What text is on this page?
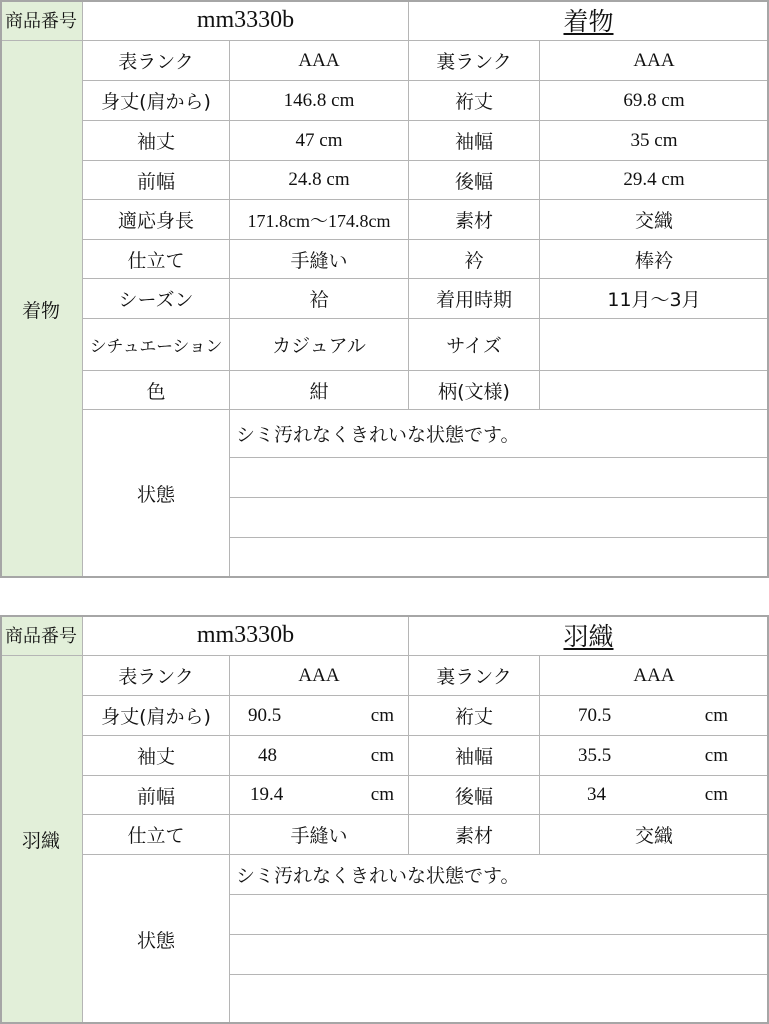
商品番号	mm3330b	着物
着物
表ランク	AAA	裏ランク	AAA
身丈(肩から)	146.8 cm	裄丈	69.8 cm
袖丈	47 cm	袖幅	35 cm
前幅	24.8 cm	後幅	29.4 cm
適応身長	171.8cm～174.8cm	素材	交織
仕立て	手縫い	衿	棒衿
シーズン	袷	着用時期	11月～3月
シチュエーション	カジュアル	サイズ
色	紺	柄(文様)
状態
シミ汚れなくきれいな状態です。
商品番号	mm3330b	羽織
羽織
表ランク	AAA	裏ランク	AAA
身丈(肩から)	90.5	cm	裄丈	70.5	cm
袖丈	48	cm	袖幅	35.5	cm
前幅	19.4	cm	後幅	34	cm
仕立て	手縫い	素材	交織
状態
シミ汚れなくきれいな状態です。
